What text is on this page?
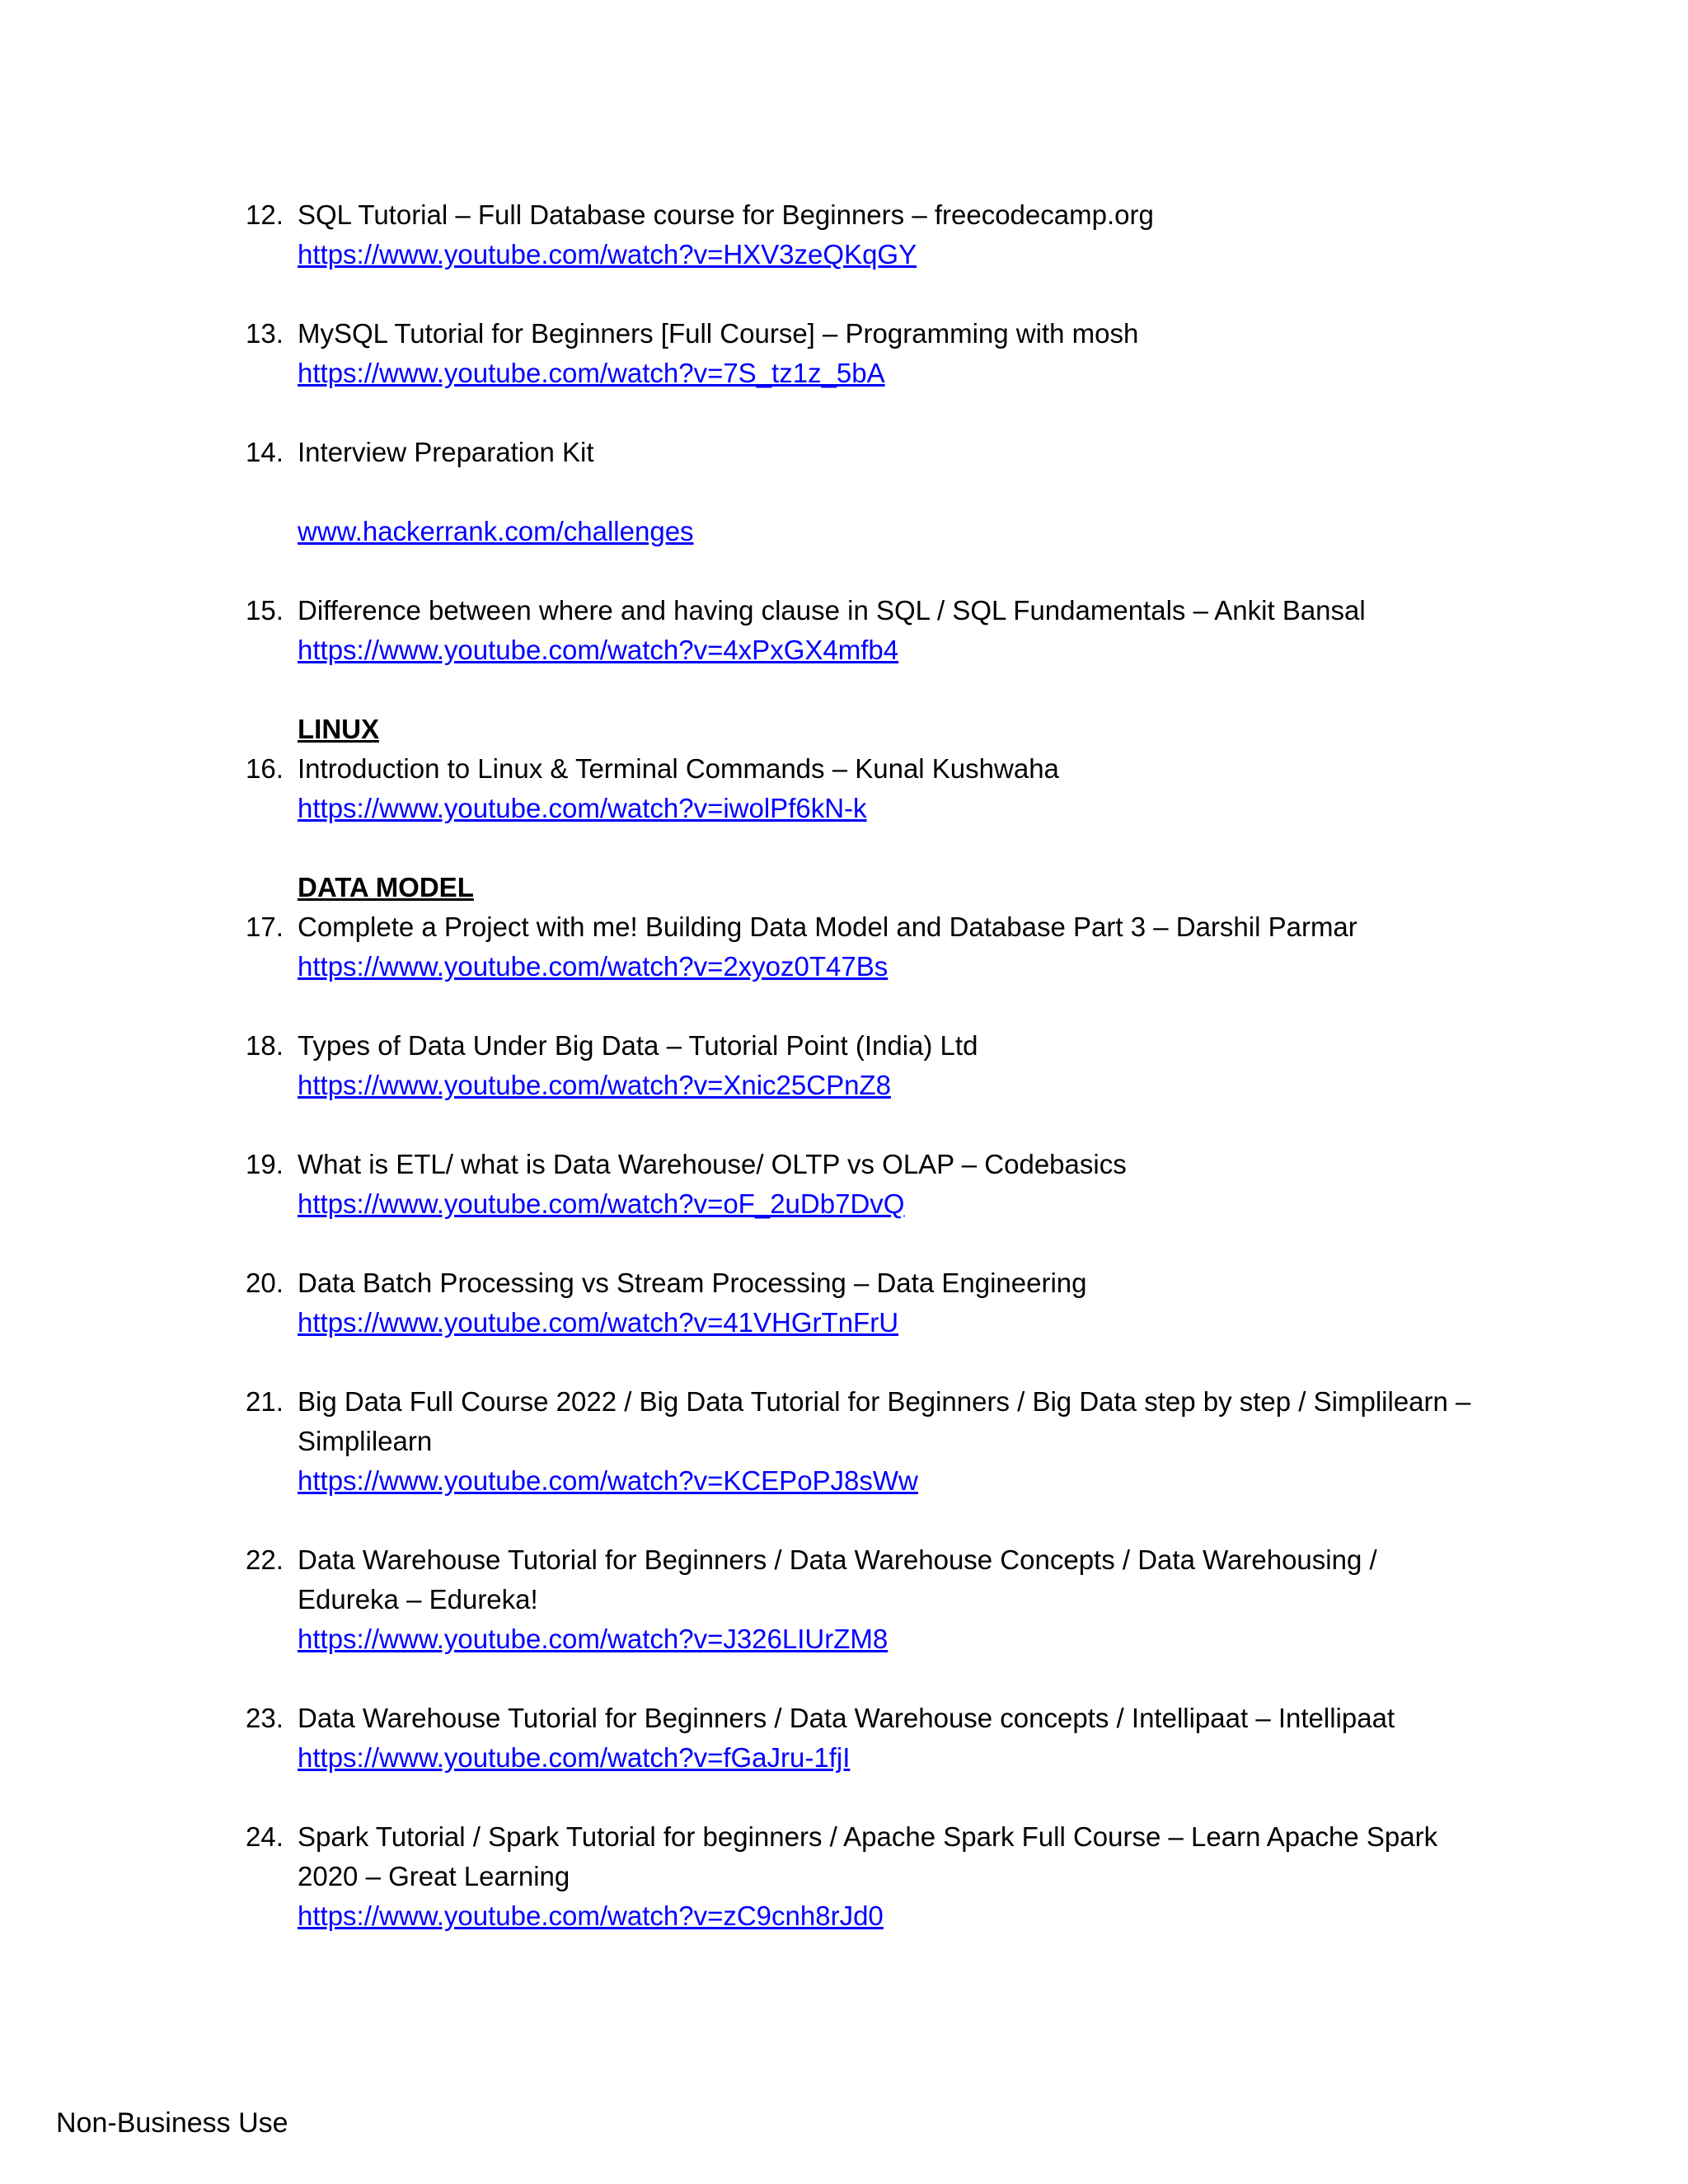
12. SQL Tutorial – Full Database course for Beginners – freecodecamp.org
https://www.youtube.com/watch?v=HXV3zeQKqGY
13. MySQL Tutorial for Beginners [Full Course] – Programming with mosh
https://www.youtube.com/watch?v=7S_tz1z_5bA
14. Interview Preparation Kit
www.hackerrank.com/challenges
15. Difference between where and having clause in SQL / SQL Fundamentals – Ankit Bansal
https://www.youtube.com/watch?v=4xPxGX4mfb4
LINUX
16. Introduction to Linux & Terminal Commands – Kunal Kushwaha
https://www.youtube.com/watch?v=iwolPf6kN-k
DATA MODEL
17. Complete a Project with me! Building Data Model and Database Part 3 – Darshil Parmar
https://www.youtube.com/watch?v=2xyoz0T47Bs
18. Types of Data Under Big Data – Tutorial Point (India) Ltd
https://www.youtube.com/watch?v=Xnic25CPnZ8
19. What is ETL/ what is Data Warehouse/ OLTP vs OLAP – Codebasics
https://www.youtube.com/watch?v=oF_2uDb7DvQ
20. Data Batch Processing vs Stream Processing – Data Engineering
https://www.youtube.com/watch?v=41VHGrTnFrU
21. Big Data Full Course 2022 / Big Data Tutorial for Beginners / Big Data step by step / Simplilearn –
Simplilearn
https://www.youtube.com/watch?v=KCEPoPJ8sWw
22. Data Warehouse Tutorial for Beginners / Data Warehouse Concepts / Data Warehousing /
Edureka – Edureka!
https://www.youtube.com/watch?v=J326LIUrZM8
23. Data Warehouse Tutorial for Beginners / Data Warehouse concepts / Intellipaat – Intellipaat
https://www.youtube.com/watch?v=fGaJru-1fjI
24. Spark Tutorial / Spark Tutorial for beginners / Apache Spark Full Course – Learn Apache Spark
2020 – Great Learning
https://www.youtube.com/watch?v=zC9cnh8rJd0
Non-Business Use
